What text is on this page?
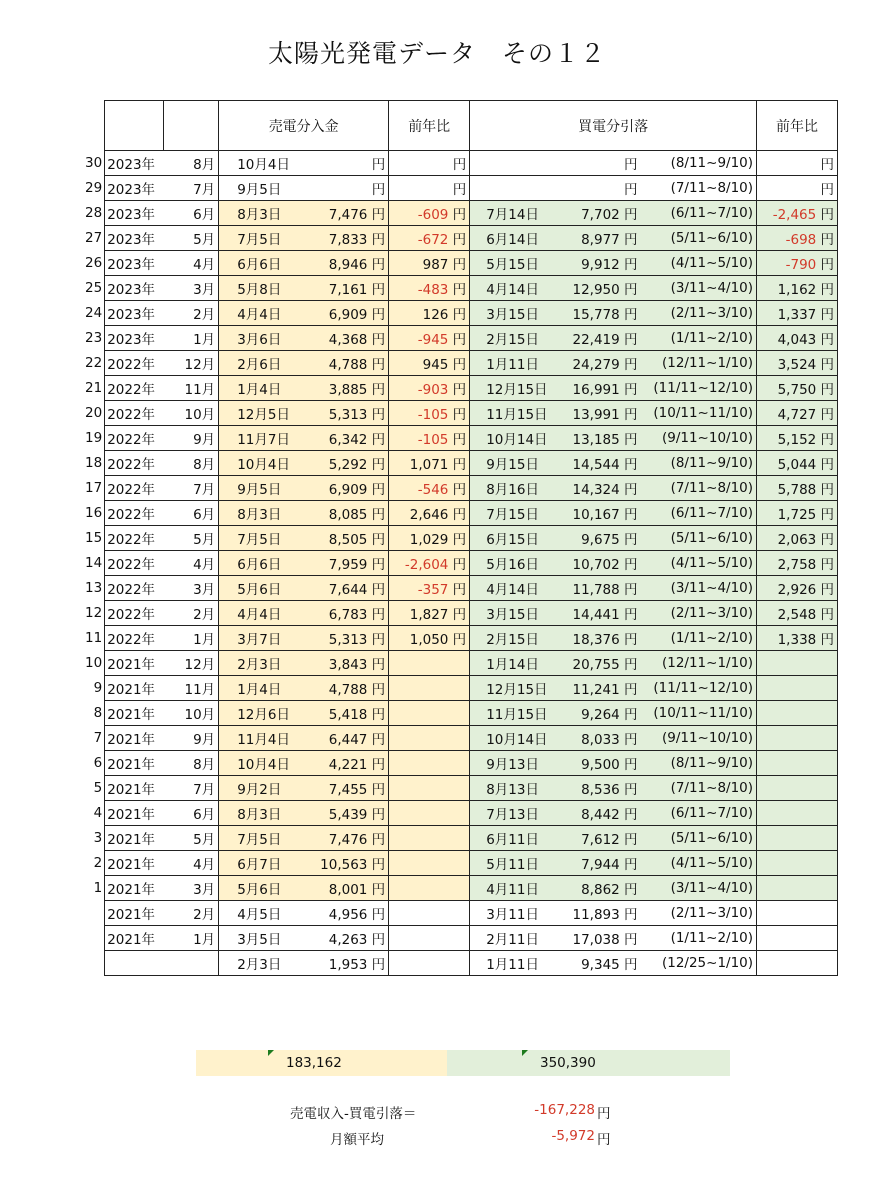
太陽光発電データ　その１２
			売電分入金		前年比	買電分引落			前年比
30	2023年	8月	10月4日	円	円		円	(8/11~9/10)	円
29	2023年	7月	9月5日	円	円		円	(7/11~8/10)	円
28	2023年	6月	8月3日	7,476 円	-609 円	7月14日	7,702 円	(6/11~7/10)	-2,465 円
27	2023年	5月	7月5日	7,833 円	-672 円	6月14日	8,977 円	(5/11~6/10)	-698 円
26	2023年	4月	6月6日	8,946 円	987 円	5月15日	9,912 円	(4/11~5/10)	-790 円
25	2023年	3月	5月8日	7,161 円	-483 円	4月14日	12,950 円	(3/11~4/10)	1,162 円
24	2023年	2月	4月4日	6,909 円	126 円	3月15日	15,778 円	(2/11~3/10)	1,337 円
23	2023年	1月	3月6日	4,368 円	-945 円	2月15日	22,419 円	(1/11~2/10)	4,043 円
22	2022年	12月	2月6日	4,788 円	945 円	1月11日	24,279 円	(12/11~1/10)	3,524 円
21	2022年	11月	1月4日	3,885 円	-903 円	12月15日	16,991 円	(11/11~12/10)	5,750 円
20	2022年	10月	12月5日	5,313 円	-105 円	11月15日	13,991 円	(10/11~11/10)	4,727 円
19	2022年	9月	11月7日	6,342 円	-105 円	10月14日	13,185 円	(9/11~10/10)	5,152 円
18	2022年	8月	10月4日	5,292 円	1,071 円	9月15日	14,544 円	(8/11~9/10)	5,044 円
17	2022年	7月	9月5日	6,909 円	-546 円	8月16日	14,324 円	(7/11~8/10)	5,788 円
16	2022年	6月	8月3日	8,085 円	2,646 円	7月15日	10,167 円	(6/11~7/10)	1,725 円
15	2022年	5月	7月5日	8,505 円	1,029 円	6月15日	9,675 円	(5/11~6/10)	2,063 円
14	2022年	4月	6月6日	7,959 円	-2,604 円	5月16日	10,702 円	(4/11~5/10)	2,758 円
13	2022年	3月	5月6日	7,644 円	-357 円	4月14日	11,788 円	(3/11~4/10)	2,926 円
12	2022年	2月	4月4日	6,783 円	1,827 円	3月15日	14,441 円	(2/11~3/10)	2,548 円
11	2022年	1月	3月7日	5,313 円	1,050 円	2月15日	18,376 円	(1/11~2/10)	1,338 円
10	2021年	12月	2月3日	3,843 円		1月14日	20,755 円	(12/11~1/10)	
9	2021年	11月	1月4日	4,788 円		12月15日	11,241 円	(11/11~12/10)	
8	2021年	10月	12月6日	5,418 円		11月15日	9,264 円	(10/11~11/10)	
7	2021年	9月	11月4日	6,447 円		10月14日	8,033 円	(9/11~10/10)	
6	2021年	8月	10月4日	4,221 円		9月13日	9,500 円	(8/11~9/10)	
5	2021年	7月	9月2日	7,455 円		8月13日	8,536 円	(7/11~8/10)	
4	2021年	6月	8月3日	5,439 円		7月13日	8,442 円	(6/11~7/10)	
3	2021年	5月	7月5日	7,476 円		6月11日	7,612 円	(5/11~6/10)	
2	2021年	4月	6月7日	10,563 円		5月11日	7,944 円	(4/11~5/10)	
1	2021年	3月	5月6日	8,001 円		4月11日	8,862 円	(3/11~4/10)	
	2021年	2月	4月5日	4,956 円		3月11日	11,893 円	(2/11~3/10)	
	2021年	1月	3月5日	4,263 円		2月11日	17,038 円	(1/11~2/10)	
			2月3日	1,953 円		1月11日	9,345 円	(12/25~1/10)	
183,162	350,390
売電収入-買電引落＝	-167,228 円
月額平均	-5,972 円
